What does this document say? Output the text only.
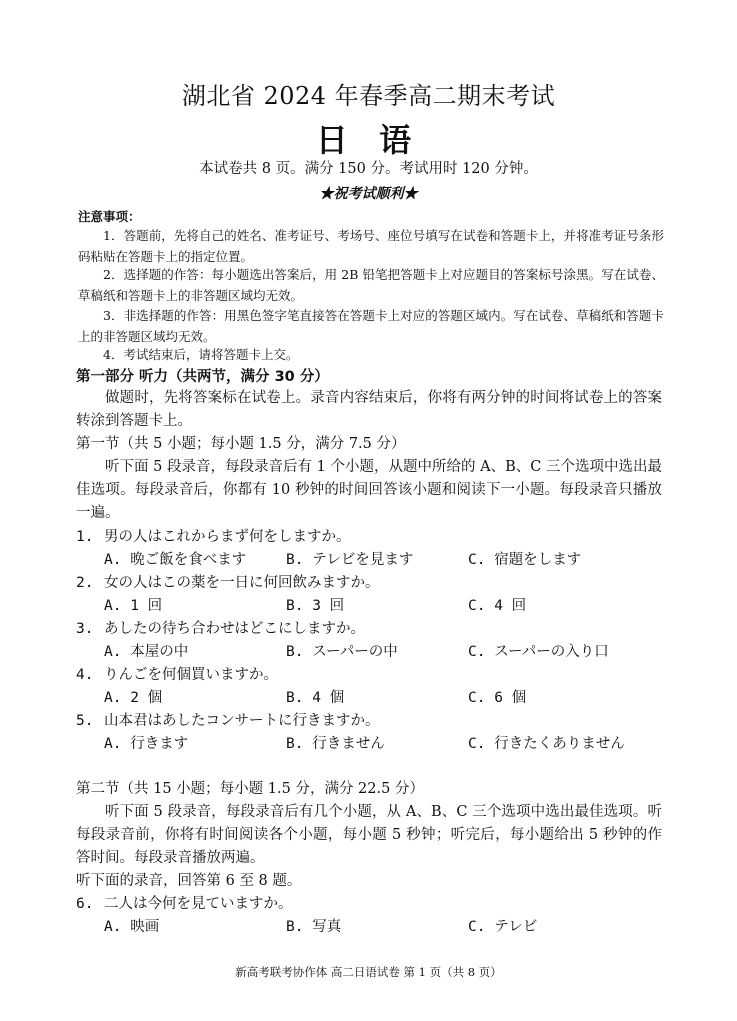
湖北省 2024 年春季高二期末考试
日 语
本试卷共 8 页。满分 150 分。考试用时 120 分钟。
★祝考试顺利★
注意事项：
1．答题前，先将自己的姓名、准考证号、考场号、座位号填写在试卷和答题卡上，并将准考证号条形码粘贴在答题卡上的指定位置。
2．选择题的作答：每小题选出答案后，用 2B 铅笔把答题卡上对应题目的答案标号涂黑。写在试卷、草稿纸和答题卡上的非答题区域均无效。
3．非选择题的作答：用黑色签字笔直接答在答题卡上对应的答题区域内。写在试卷、草稿纸和答题卡上的非答题区域均无效。
4．考试结束后，请将答题卡上交。
第一部分 听力（共两节，满分 30 分）
做题时，先将答案标在试卷上。录音内容结束后，你将有两分钟的时间将试卷上的答案转涂到答题卡上。
第一节（共 5 小题；每小题 1.5 分，满分 7.5 分）
听下面 5 段录音，每段录音后有 1 个小题，从题中所给的 A、B、C 三个选项中选出最佳选项。每段录音后，你都有 10 秒钟的时间回答该小题和阅读下一小题。每段录音只播放一遍。
1. 男の人はこれからまず何をしますか。
A. 晩ご飯を食べます	B. テレビを見ます	C. 宿題をします
2. 女の人はこの薬を一日に何回飲みますか。
A. 1 回	B. 3 回	C. 4 回
3. あしたの待ち合わせはどこにしますか。
A. 本屋の中	B. スーパーの中	C. スーパーの入り口
4. りんごを何個買いますか。
A. 2 個	B. 4 個	C. 6 個
5. 山本君はあしたコンサートに行きますか。
A. 行きます	B. 行きません	C. 行きたくありません
第二节（共 15 小题；每小题 1.5 分，满分 22.5 分）
听下面 5 段录音，每段录音后有几个小题，从 A、B、C 三个选项中选出最佳选项。听每段录音前，你将有时间阅读各个小题，每小题 5 秒钟；听完后，每小题给出 5 秒钟的作答时间。每段录音播放两遍。
听下面的录音，回答第 6 至 8 题。
6. 二人は今何を見ていますか。
A. 映画	B. 写真	C. テレビ
新高考联考协作体 高二日语试卷 第 1 页（共 8 页）
